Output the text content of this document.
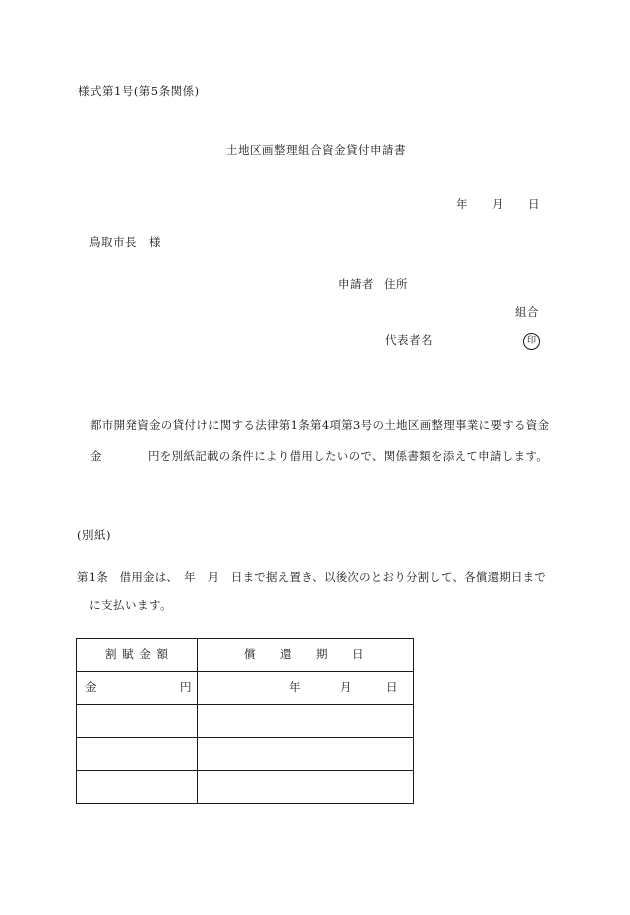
様式第1号(第5条関係)
土地区画整理組合資金貸付申請書
年 月 日
鳥取市長　様
申請者 住所
組合
代表者名	印
都市開発資金の貸付けに関する法律第1条第4項第3号の土地区画整理事業に要する資金
金	円を別紙記載の条件により借用したいので、関係書類を添えて申請します。
(別紙)
第1条　借用金は、　年　月　日まで据え置き、以後次のとおり分割して、各償還期日まで
に支払います。
割 賦 金 額	償　　還　　期　　日

金 円	年 月 日
